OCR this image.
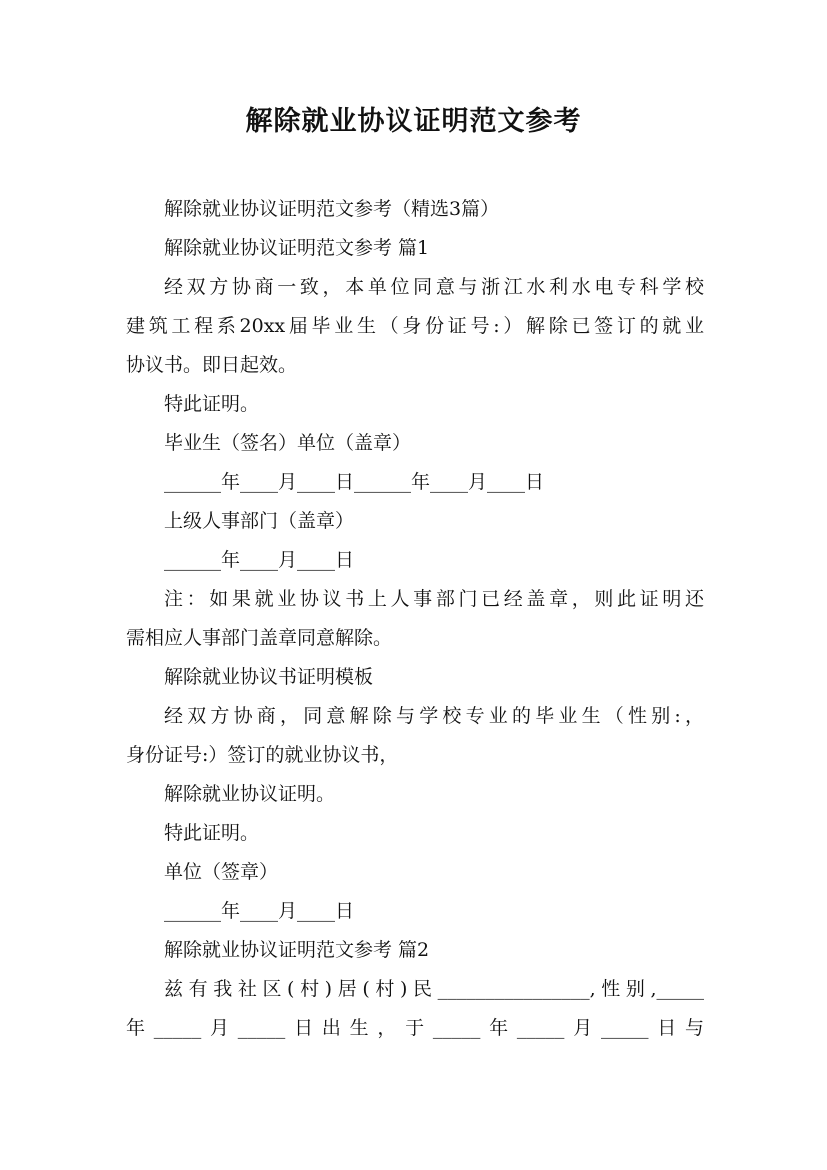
解除就业协议证明范文参考

解除就业协议证明范文参考（精选3篇）

解除就业协议证明范文参考 篇1

经双方协商一致，本单位同意与浙江水利水电专科学校

建筑工程系20xx届毕业生（身份证号:）解除已签订的就业

协议书。即日起效。

特此证明。

毕业生（签名）单位（盖章）

______年____月____日______年____月____日

上级人事部门（盖章）

______年____月____日

注：如果就业协议书上人事部门已经盖章，则此证明还

需相应人事部门盖章同意解除。

解除就业协议书证明模板

经双方协商，同意解除与学校专业的毕业生（性别:，

身份证号:）签订的就业协议书，

解除就业协议证明。

特此证明。

单位（签章）

______年____月____日

解除就业协议证明范文参考 篇2

兹有我社区(村)居(村)民________________,性别,_____

年_____月_____日出生，于_____年_____月_____日与
